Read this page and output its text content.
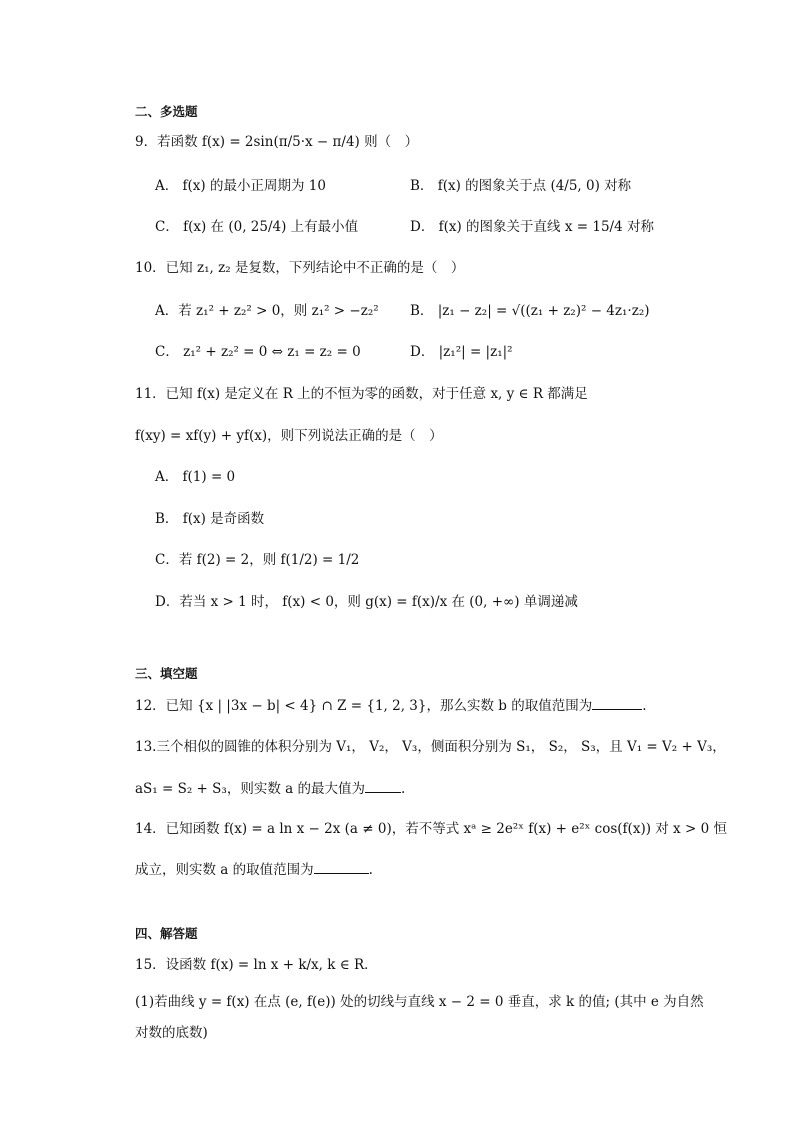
二、多选题
9．若函数 f(x) = 2sin(π/5·x − π/4) 则（　）
A． f(x) 的最小正周期为 10	B． f(x) 的图象关于点 (4/5, 0) 对称
C． f(x) 在 (0, 25/4) 上有最小值	D． f(x) 的图象关于直线 x = 15/4 对称
10．已知 z₁, z₂ 是复数，下列结论中不正确的是（　）
A．若 z₁² + z₂² > 0，则 z₁² > −z₂² B． |z₁ − z₂| = √((z₁ + z₂)² − 4z₁·z₂)
C． z₁² + z₂² = 0 ⇔ z₁ = z₂ = 0	D． |z₁²| = |z₁|²
11．已知 f(x) 是定义在 R 上的不恒为零的函数，对于任意 x, y ∈ R 都满足
f(xy) = xf(y) + yf(x)，则下列说法正确的是（　）
A． f(1) = 0
B． f(x) 是奇函数
C．若 f(2) = 2，则 f(1/2) = 1/2
D．若当 x > 1 时， f(x) < 0，则 g(x) = f(x)/x 在 (0, +∞) 单调递减
三、填空题
12．已知 {x | |3x − b| < 4} ∩ Z = {1, 2, 3}，那么实数 b 的取值范围为	.
13.三个相似的圆锥的体积分别为 V₁， V₂， V₃，侧面积分别为 S₁， S₂， S₃，且 V₁ = V₂ + V₃，
aS₁ = S₂ + S₃，则实数 a 的最大值为	.
14．已知函数 f(x) = a ln x − 2x (a ≠ 0)，若不等式 xᵃ ≥ 2e²ˣ f(x) + e²ˣ cos(f(x)) 对 x > 0 恒
成立，则实数 a 的取值范围为	.
四、解答题
15．设函数 f(x) = ln x + k/x, k ∈ R．
(1)若曲线 y = f(x) 在点 (e, f(e)) 处的切线与直线 x − 2 = 0 垂直，求 k 的值; (其中 e 为自然
对数的底数)
